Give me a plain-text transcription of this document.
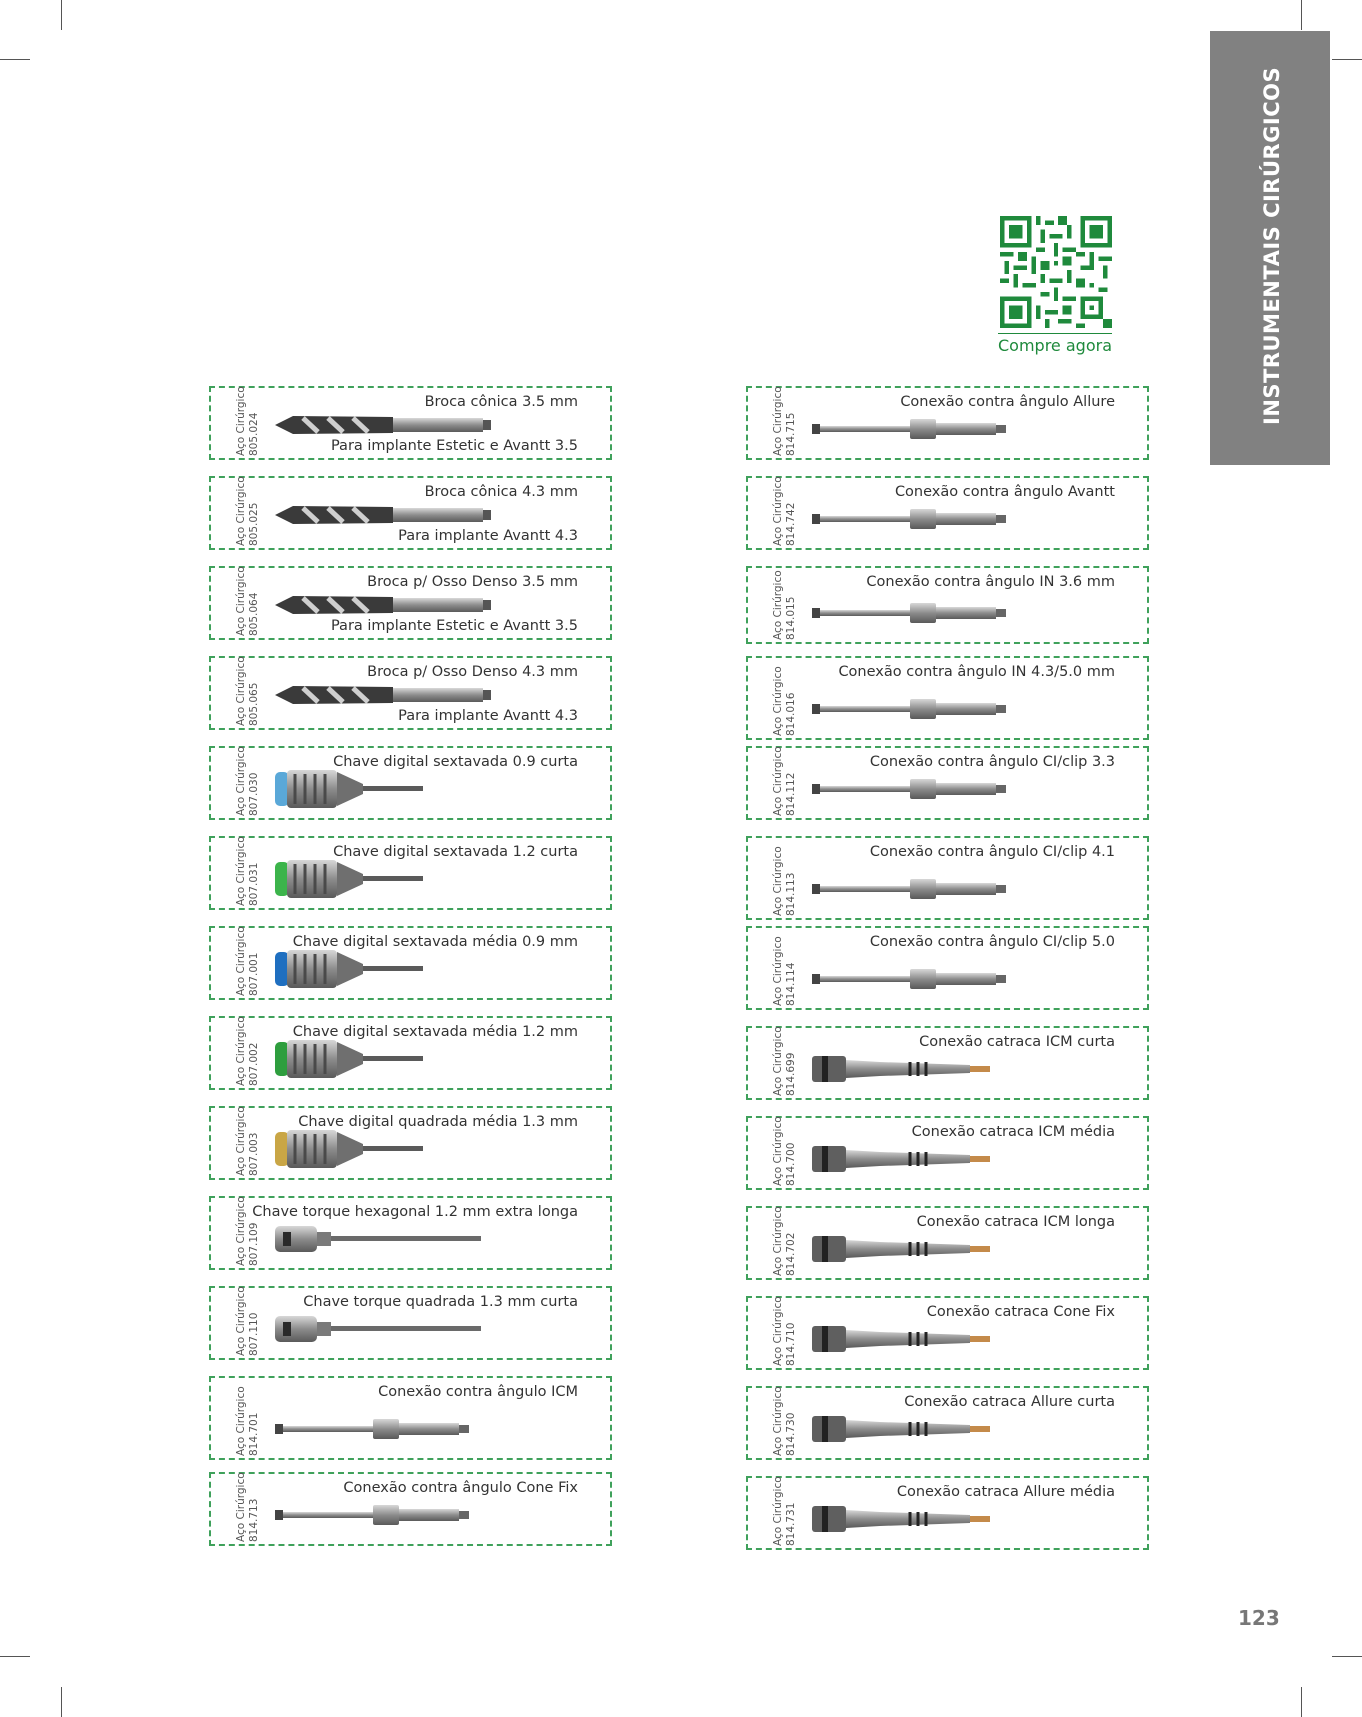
INSTRUMENTAIS CIRÚRGICOS
Compre agora
Aço Cirúrgico 805.024
Broca cônica 3.5 mm
Para implante Estetic e Avantt 3.5
Aço Cirúrgico 805.025
Broca cônica 4.3 mm
Para implante Avantt 4.3
Aço Cirúrgico 805.064
Broca p/ Osso Denso 3.5 mm
Para implante Estetic e Avantt 3.5
Aço Cirúrgico 805.065
Broca p/ Osso Denso 4.3 mm
Para implante Avantt 4.3
Aço Cirúrgico 807.030
Chave digital sextavada 0.9 curta
Aço Cirúrgico 807.031
Chave digital sextavada 1.2 curta
Aço Cirúrgico 807.001
Chave digital sextavada média 0.9 mm
Aço Cirúrgico 807.002
Chave digital sextavada média 1.2 mm
Aço Cirúrgico 807.003
Chave digital quadrada média 1.3 mm
Aço Cirúrgico 807.109
Chave torque hexagonal 1.2 mm extra longa
Aço Cirúrgico 807.110
Chave torque quadrada 1.3 mm curta
Aço Cirúrgico 814.701
Conexão contra ângulo ICM
Aço Cirúrgico 814.713
Conexão contra ângulo Cone Fix
Aço Cirúrgico 814.715
Conexão contra ângulo Allure
Aço Cirúrgico 814.742
Conexão contra ângulo Avantt
Aço Cirúrgico 814.015
Conexão contra ângulo IN 3.6 mm
Aço Cirúrgico 814.016
Conexão contra ângulo IN 4.3/5.0 mm
Aço Cirúrgico 814.112
Conexão contra ângulo CI/clip 3.3
Aço Cirúrgico 814.113
Conexão contra ângulo CI/clip 4.1
Aço Cirúrgico 814.114
Conexão contra ângulo CI/clip 5.0
Aço Cirúrgico 814.699
Conexão catraca ICM curta
Aço Cirúrgico 814.700
Conexão catraca ICM média
Aço Cirúrgico 814.702
Conexão catraca ICM longa
Aço Cirúrgico 814.710
Conexão catraca Cone Fix
Aço Cirúrgico 814.730
Conexão catraca Allure curta
Aço Cirúrgico 814.731
Conexão catraca Allure média
123
